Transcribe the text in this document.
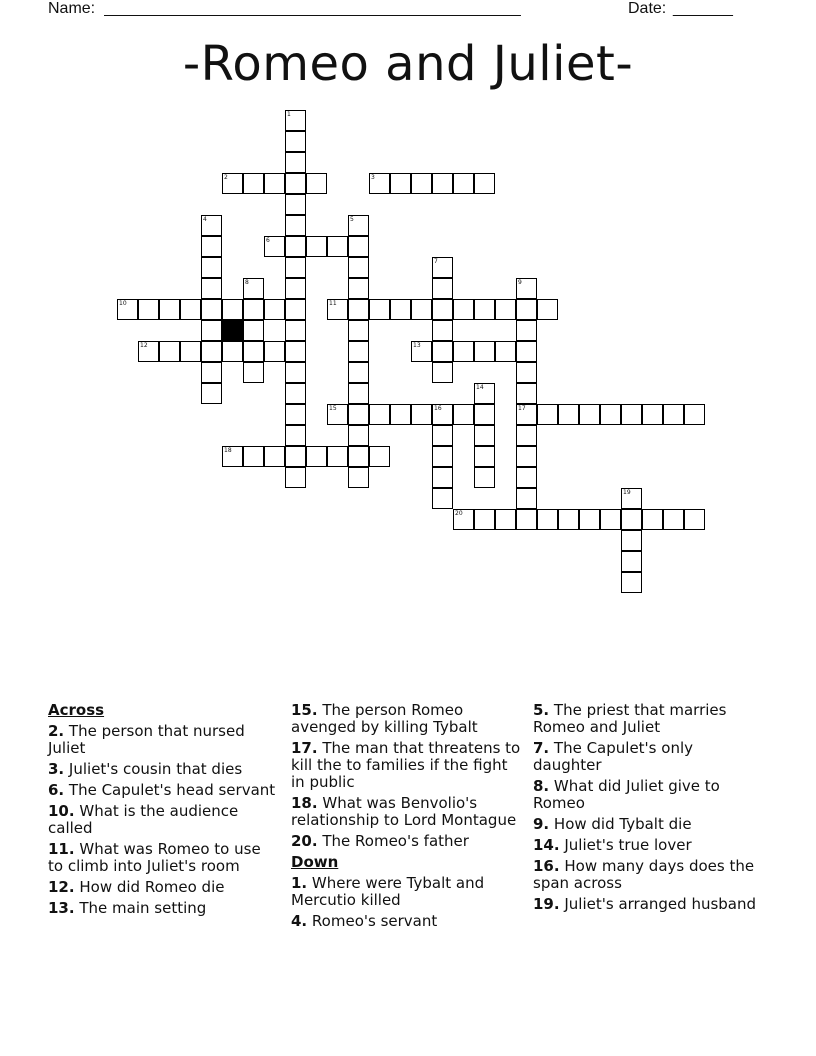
Name: _________________________________________________	Date: _______
-Romeo and Juliet-
1
2	3
4	5
6
7
8	9
17
10	11
12	13
14
15	16
18
19
20
Across
2. The person that nursed Juliet
3. Juliet's cousin that dies
6. The Capulet's head servant
10. What is the audience called
11. What was Romeo to use to climb into Juliet's room
12. How did Romeo die
13. The main setting
15. The person Romeo avenged by killing Tybalt
17. The man that threatens to kill the to families if the fight in public
18. What was Benvolio's relationship to Lord Montague
20. The Romeo's father
Down
1. Where were Tybalt and Mercutio killed
4. Romeo's servant
5. The priest that marries Romeo and Juliet
7. The Capulet's only daughter
8. What did Juliet give to Romeo
9. How did Tybalt die
14. Juliet's true lover
16. How many days does the span across
19. Juliet's arranged husband
